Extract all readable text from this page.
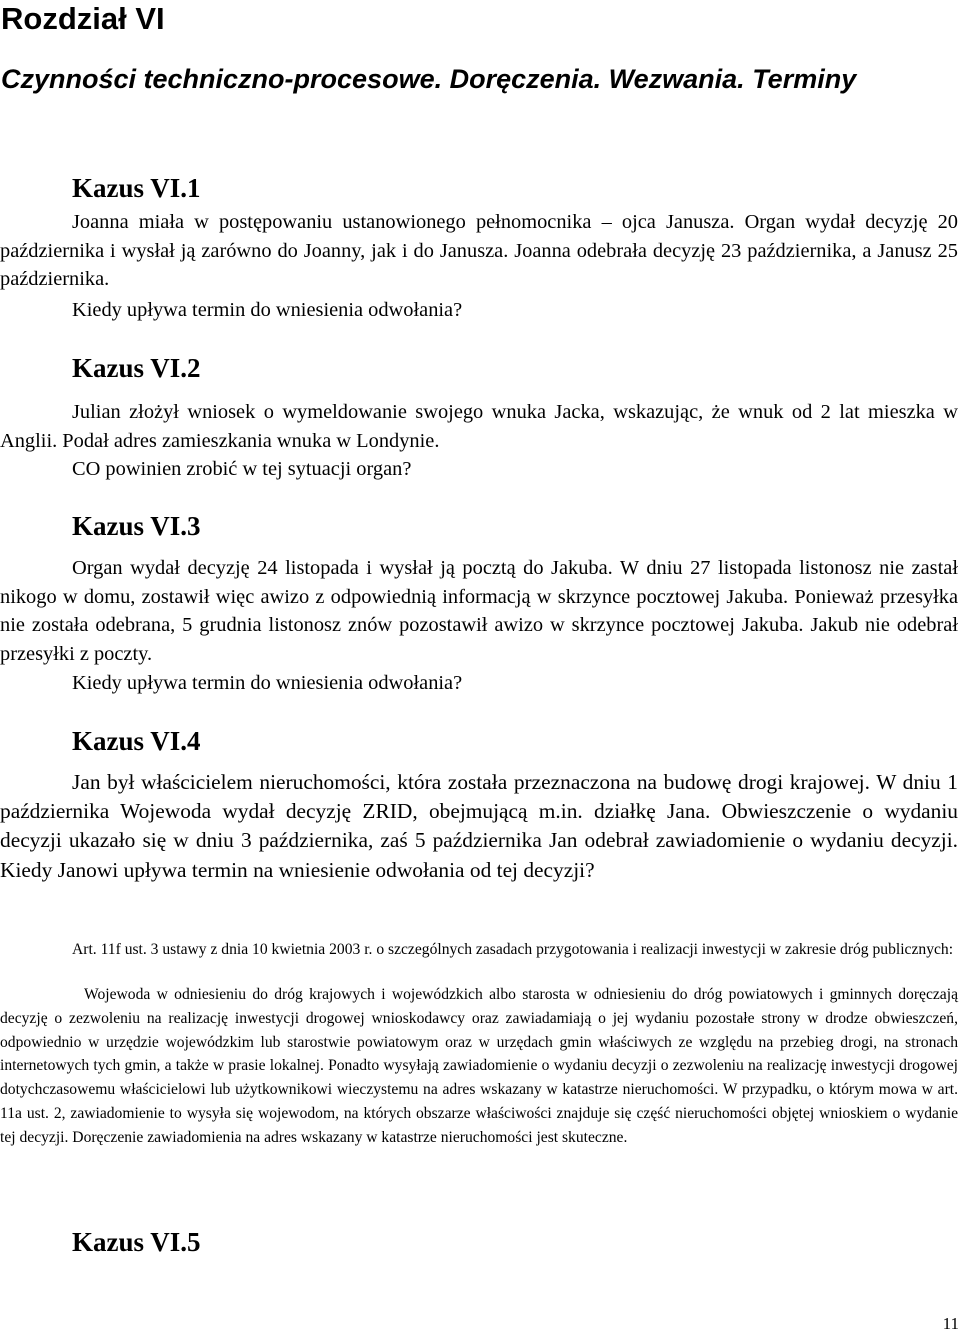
Rozdział VI
Czynności techniczno-procesowe. Doręczenia. Wezwania. Terminy
Kazus VI.1

Joanna miała w postępowaniu ustanowionego pełnomocnika – ojca Janusza. Organ wydał decyzję 20 października i wysłał ją zarówno do Joanny, jak i do Janusza. Joanna odebrała decyzję 23 października, a Janusz 25 października.

Kiedy upływa termin do wniesienia odwołania?

Kazus VI.2

Julian złożył wniosek o wymeldowanie swojego wnuka Jacka, wskazując, że wnuk od 2 lat mieszka w Anglii. Podał adres zamieszkania wnuka w Londynie.

CO powinien zrobić w tej sytuacji organ?

Kazus VI.3

Organ wydał decyzję 24 listopada i wysłał ją pocztą do Jakuba. W dniu 27 listopada listonosz nie zastał nikogo w domu, zostawił więc awizo z odpowiednią informacją w skrzynce pocztowej Jakuba. Ponieważ przesyłka nie została odebrana, 5 grudnia listonosz znów pozostawił awizo w skrzynce pocztowej Jakuba. Jakub nie odebrał przesyłki z poczty.

Kiedy upływa termin do wniesienia odwołania?

Kazus VI.4

Jan był właścicielem nieruchomości, która została przeznaczona na budowę drogi krajowej. W dniu 1 października Wojewoda wydał decyzję ZRID, obejmującą m.in. działkę Jana. Obwieszczenie o wydaniu decyzji ukazało się w dniu 3 października, zaś 5 października Jan odebrał zawiadomienie o wydaniu decyzji. Kiedy Janowi upływa termin na wniesienie odwołania od tej decyzji?

Art. 11f ust. 3 ustawy z dnia 10 kwietnia 2003 r. o szczególnych zasadach przygotowania i realizacji inwestycji w zakresie dróg publicznych:

Wojewoda w odniesieniu do dróg krajowych i wojewódzkich albo starosta w odniesieniu do dróg powiatowych i gminnych doręczają decyzję o zezwoleniu na realizację inwestycji drogowej wnioskodawcy oraz zawiadamiają o jej wydaniu pozostałe strony w drodze obwieszczeń, odpowiednio w urzędzie wojewódzkim lub starostwie powiatowym oraz w urzędach gmin właściwych ze względu na przebieg drogi, na stronach internetowych tych gmin, a także w prasie lokalnej. Ponadto wysyłają zawiadomienie o wydaniu decyzji o zezwoleniu na realizację inwestycji drogowej dotychczasowemu właścicielowi lub użytkownikowi wieczystemu na adres wskazany w katastrze nieruchomości. W przypadku, o którym mowa w art. 11a ust. 2, zawiadomienie to wysyła się wojewodom, na których obszarze właściwości znajduje się część nieruchomości objętej wnioskiem o wydanie tej decyzji. Doręczenie zawiadomienia na adres wskazany w katastrze nieruchomości jest skuteczne.

Kazus VI.5

11
